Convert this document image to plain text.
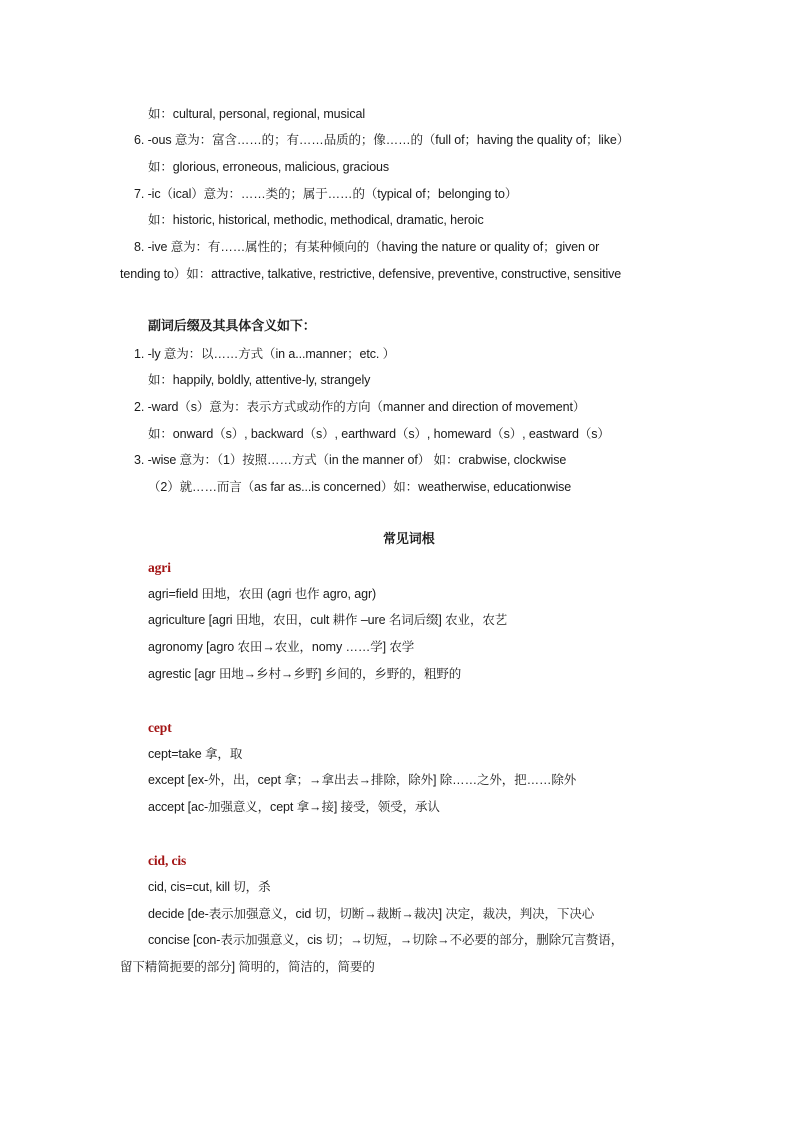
如：cultural, personal, regional, musical
6. -ous 意为：富含……的；有……品质的；像……的（full of；having the quality of；like）
如：glorious, erroneous, malicious, gracious
7. -ic（ical）意为：……类的；属于……的（typical of；belonging to）
如：historic, historical, methodic, methodical, dramatic, heroic
8. -ive 意为：有……属性的；有某种倾向的（having the nature or quality of；given or
tending to）如：attractive, talkative, restrictive, defensive, preventive, constructive, sensitive
副词后缀及其具体含义如下：
1. -ly 意为：以……方式（in a...manner；etc. ）
如：happily, boldly, attentive-ly, strangely
2. -ward（s）意为：表示方式或动作的方向（manner and direction of movement）
如：onward（s）, backward（s）, earthward（s）, homeward（s）, eastward（s）
3. -wise 意为：（1）按照……方式（in the manner of） 如：crabwise, clockwise
（2）就……而言（as far as...is concerned）如：weatherwise, educationwise
常见词根
agri
agri=field 田地，农田 (agri 也作 agro, agr)
agriculture [agri 田地，农田，cult 耕作 –ure 名词后缀] 农业，农艺
agronomy [agro 农田→农业，nomy ……学] 农学
agrestic [agr 田地→乡村→乡野] 乡间的，乡野的，粗野的
cept
cept=take 拿，取
except [ex-外，出，cept 拿；→拿出去→排除，除外] 除……之外，把……除外
accept [ac-加强意义，cept 拿→接] 接受，领受，承认
cid, cis
cid, cis=cut, kill 切，杀
decide [de-表示加强意义，cid 切，切断→裁断→裁决] 决定，裁决，判决，下决心
concise [con-表示加强意义，cis 切；→切短，→切除→不必要的部分，删除冗言赘语，
留下精简扼要的部分] 简明的，简洁的，简要的
